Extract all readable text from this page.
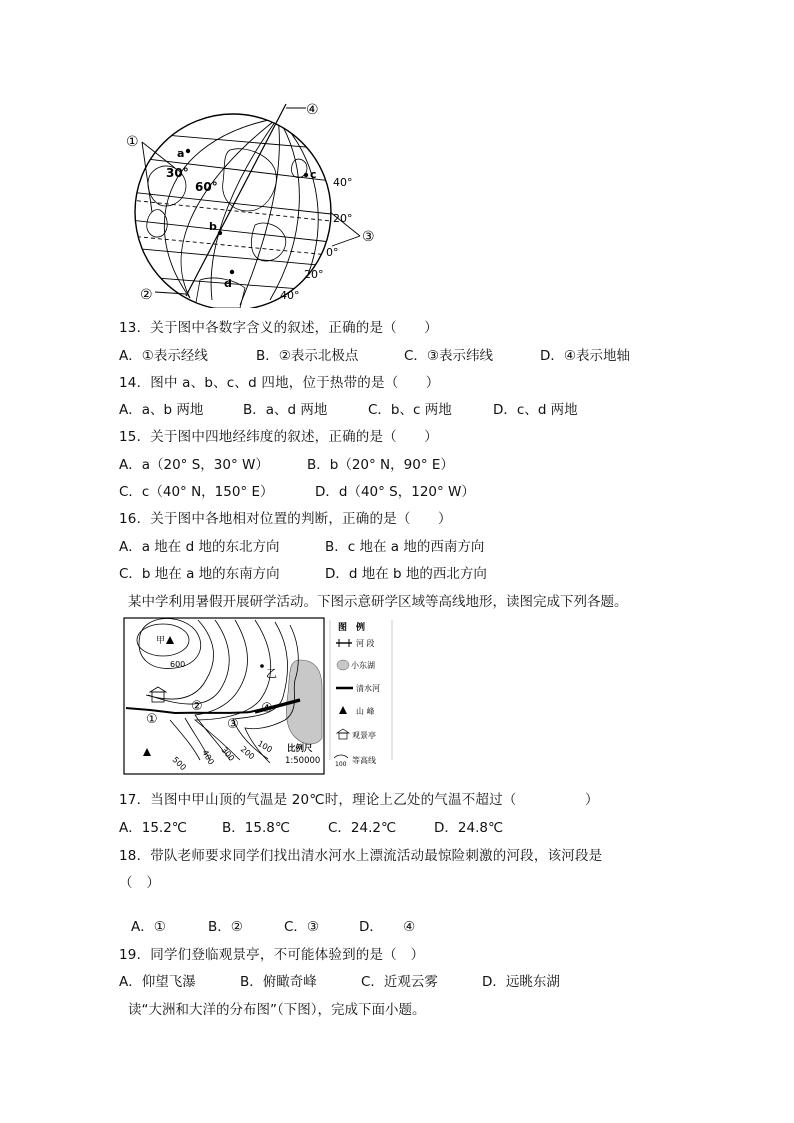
①
②
③
④
a
b
c
d
30°
60°	40°
20°
0°
20°
40°
13．关于图中各数字含义的叙述，正确的是（　　）
A．①表示经线	B．②表示北极点	C．③表示纬线	D．④表示地轴
14．图中 a、b、c、d 四地，位于热带的是（　　）
A．a、b 两地	B．a、d 两地	C．b、c 两地	D．c、d 两地
15．关于图中四地经纬度的叙述，正确的是（　　）
A．a（20° S，30° W）	B．b（20° N，90° E）
C．c（40° N，150° E）	D．d（40° S，120° W）
16．关于图中各地相对位置的判断，正确的是（　　）
A．a 地在 d 地的东北方向	B．c 地在 a 地的西南方向
C．b 地在 a 地的东南方向	D．d 地在 b 地的西北方向
某中学利用暑假开展研学活动。下图示意研学区域等高线地形，读图完成下列各题。
甲
乙
600
500 400 300 200 100
①
②
③
④
比例尺
1:50000
图　例
河 段
小东湖
清水河
山 峰
观景亭
100 等高线
17．当图中甲山顶的气温是 20℃时，理论上乙处的气温不超过（　　　　　）
A．15.2℃	B．15.8℃	C．24.2℃	D．24.8℃
18．带队老师要求同学们找出清水河水上漂流活动最惊险刺激的河段，该河段是
（　）
A．①	B．②	C．③	D．　　④
19．同学们登临观景亭，不可能体验到的是（　）
A．仰望飞瀑	B．俯瞰奇峰	C．近观云雾	D．远眺东湖
读“大洲和大洋的分布图”（下图），完成下面小题。
